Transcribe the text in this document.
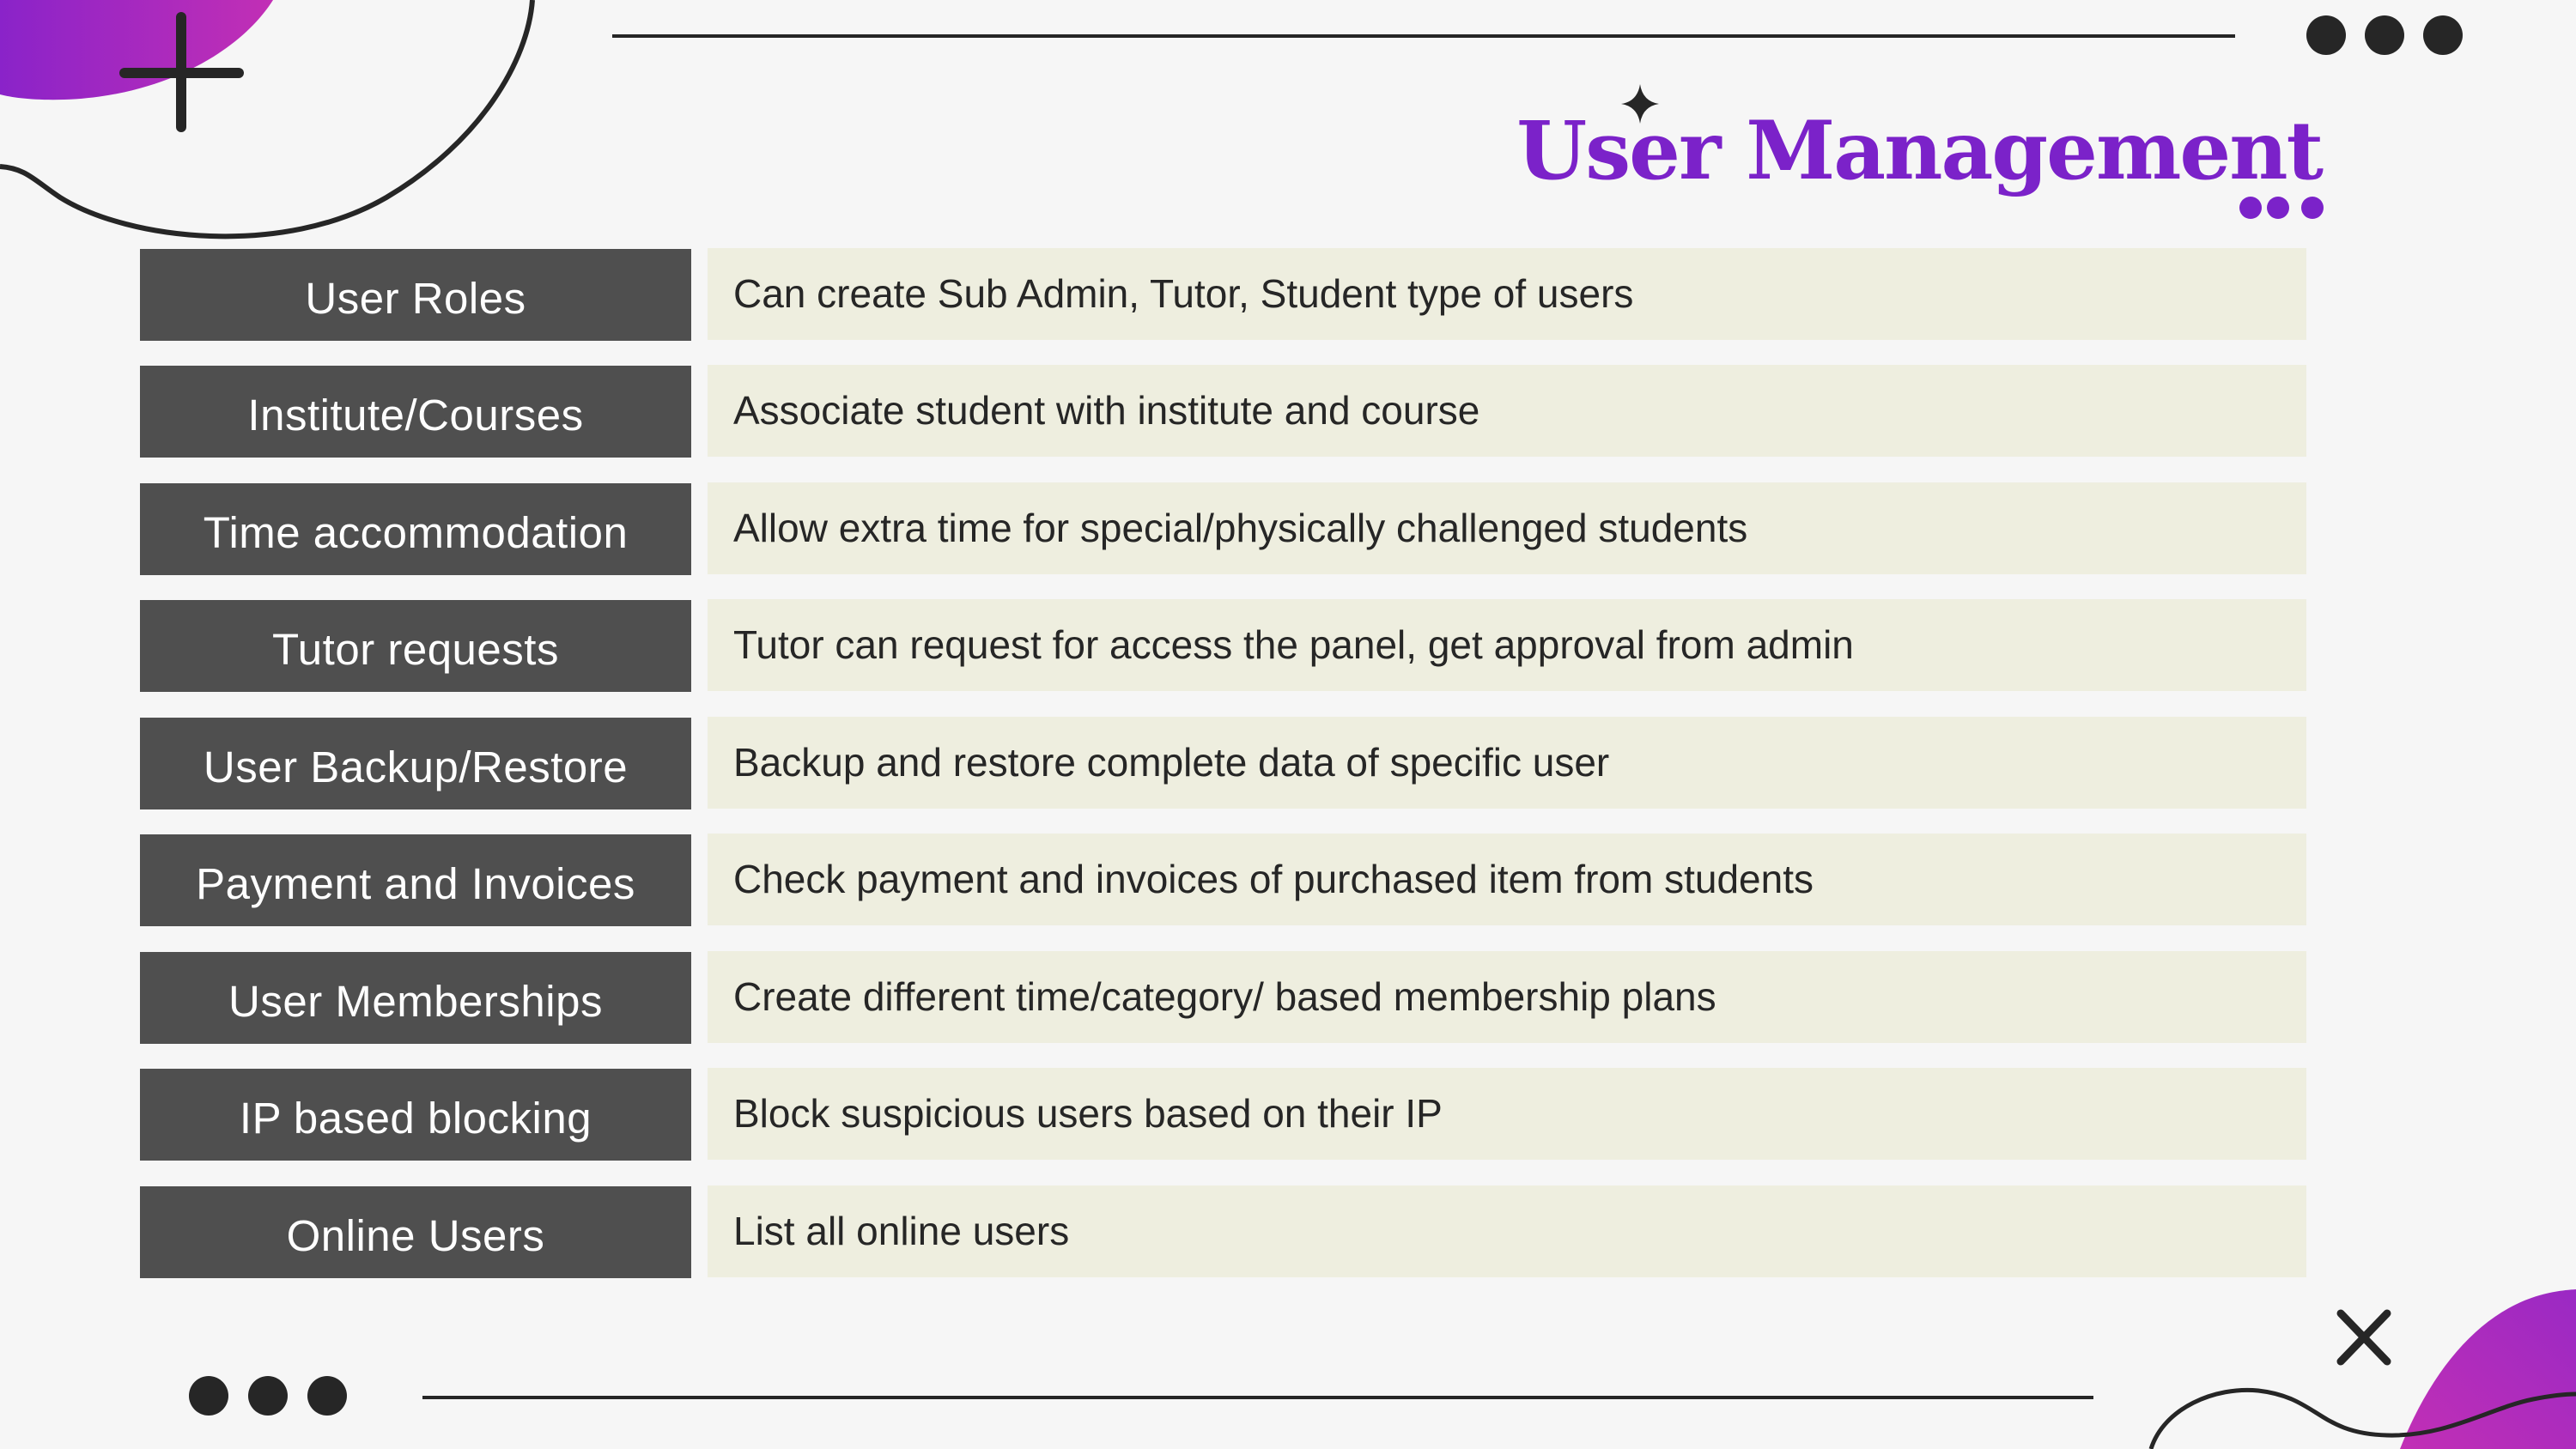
User Management
User Roles	Can create Sub Admin, Tutor, Student type of users
Institute/Courses	Associate student with institute and course
Time accommodation	Allow extra time for special/physically challenged students
Tutor requests	Tutor can request for access the panel, get approval from admin
User Backup/Restore	Backup and restore complete data of specific user
Payment and Invoices	Check payment and invoices of purchased item from students
User Memberships	Create different time/category/ based membership plans
IP based blocking	Block suspicious users based on their IP
Online Users	List all online users
